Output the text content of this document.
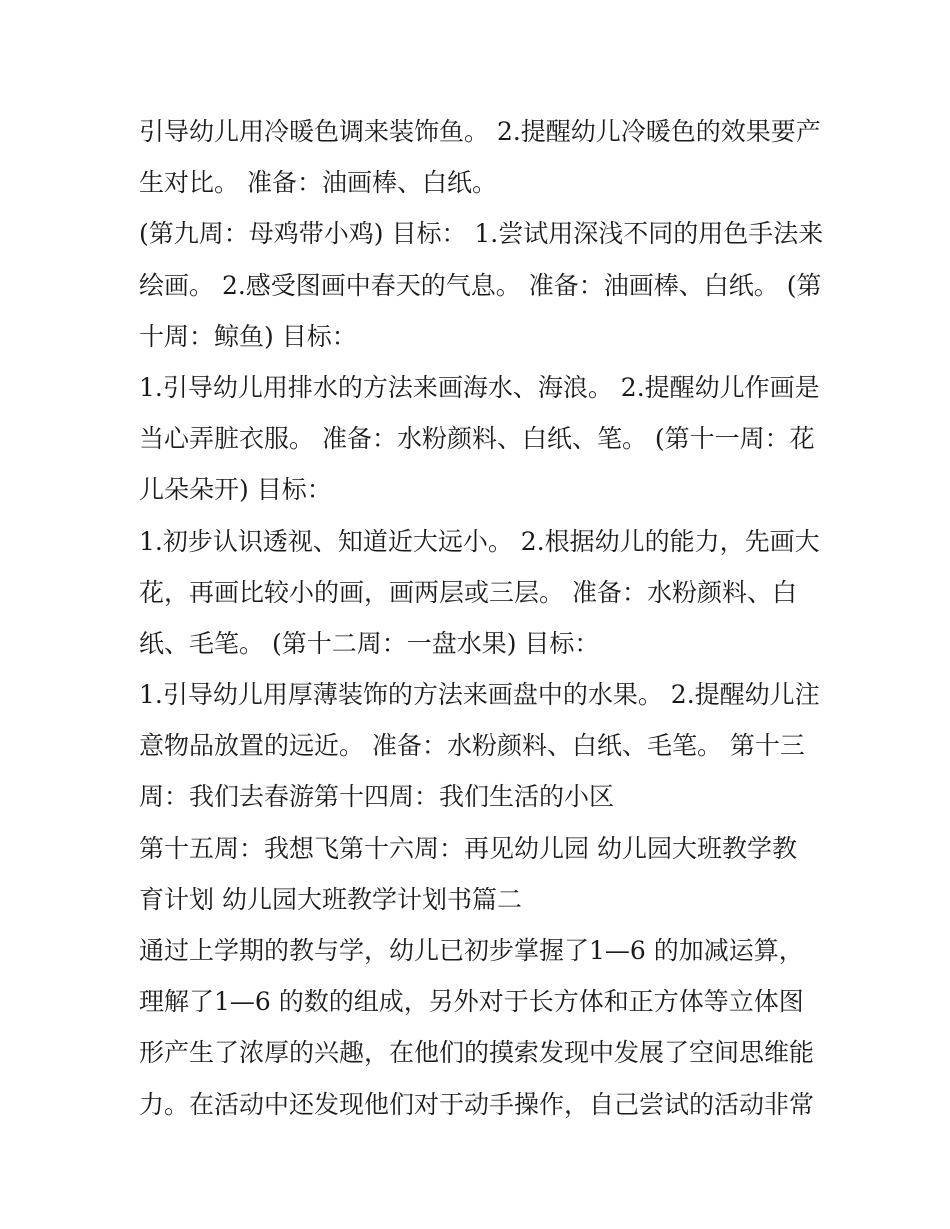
引导幼儿用冷暖色调来装饰鱼。 2.提醒幼儿冷暖色的效果要产
生对比。 准备：油画棒、白纸。
(第九周：母鸡带小鸡) 目标： 1.尝试用深浅不同的用色手法来
绘画。 2.感受图画中春天的气息。 准备：油画棒、白纸。 (第
十周：鲸鱼) 目标：
1.引导幼儿用排水的方法来画海水、海浪。 2.提醒幼儿作画是
当心弄脏衣服。 准备：水粉颜料、白纸、笔。 (第十一周：花
儿朵朵开) 目标：
1.初步认识透视、知道近大远小。 2.根据幼儿的能力，先画大
花，再画比较小的画，画两层或三层。 准备：水粉颜料、白
纸、毛笔。 (第十二周：一盘水果) 目标：
1.引导幼儿用厚薄装饰的方法来画盘中的水果。 2.提醒幼儿注
意物品放置的远近。 准备：水粉颜料、白纸、毛笔。 第十三
周：我们去春游第十四周：我们生活的小区
第十五周：我想飞第十六周：再见幼儿园 幼儿园大班教学教
育计划 幼儿园大班教学计划书篇二
通过上学期的教与学，幼儿已初步掌握了1—6 的加减运算，
理解了1—6 的数的组成，另外对于长方体和正方体等立体图
形产生了浓厚的兴趣，在他们的摸索发现中发展了空间思维能
力。在活动中还发现他们对于动手操作，自己尝试的活动非常
